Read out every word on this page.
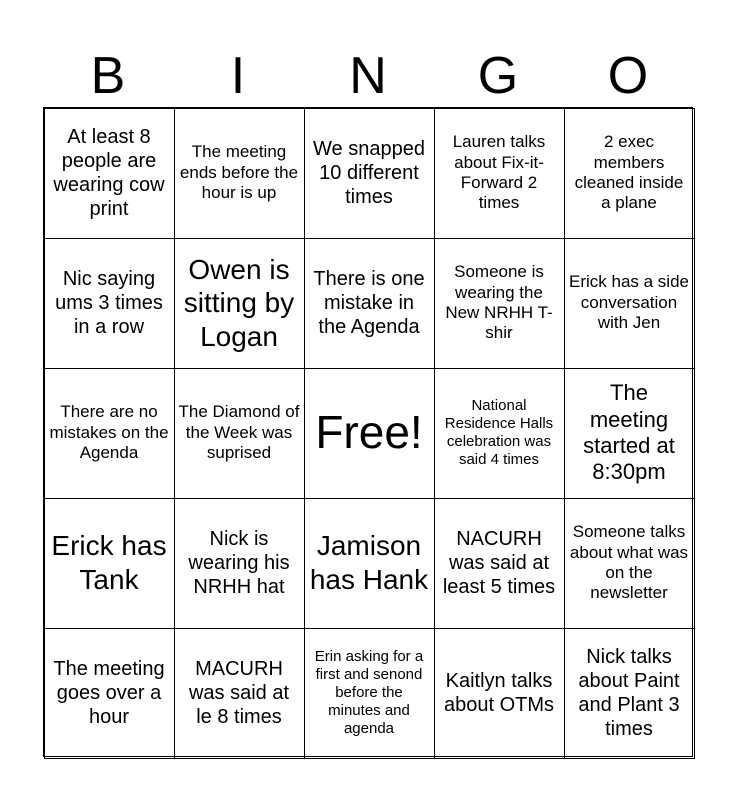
B	I	N	G	O
At least 8 people are wearing cow print
The meeting ends before the hour is up
We snapped 10 different times
Lauren talks about Fix-it-Forward 2 times
2 exec members cleaned inside a plane
Nic saying ums 3 times in a row
Owen is sitting by Logan
There is one mistake in the Agenda
Someone is wearing the New NRHH T-shir
Erick has a side conversation with Jen
There are no mistakes on the Agenda
The Diamond of the Week was suprised Free!
National Residence Halls celebration was said 4 times
The meeting started at 8:30pm
Erick has Tank
Nick is wearing his NRHH hat
Jamison has Hank
NACURH was said at least 5 times
Someone talks about what was on the newsletter
The meeting goes over a hour
MACURH was said at le 8 times
Erin asking for a first and senond before the minutes and agenda
Kaitlyn talks about OTMs
Nick talks about Paint and Plant 3 times
